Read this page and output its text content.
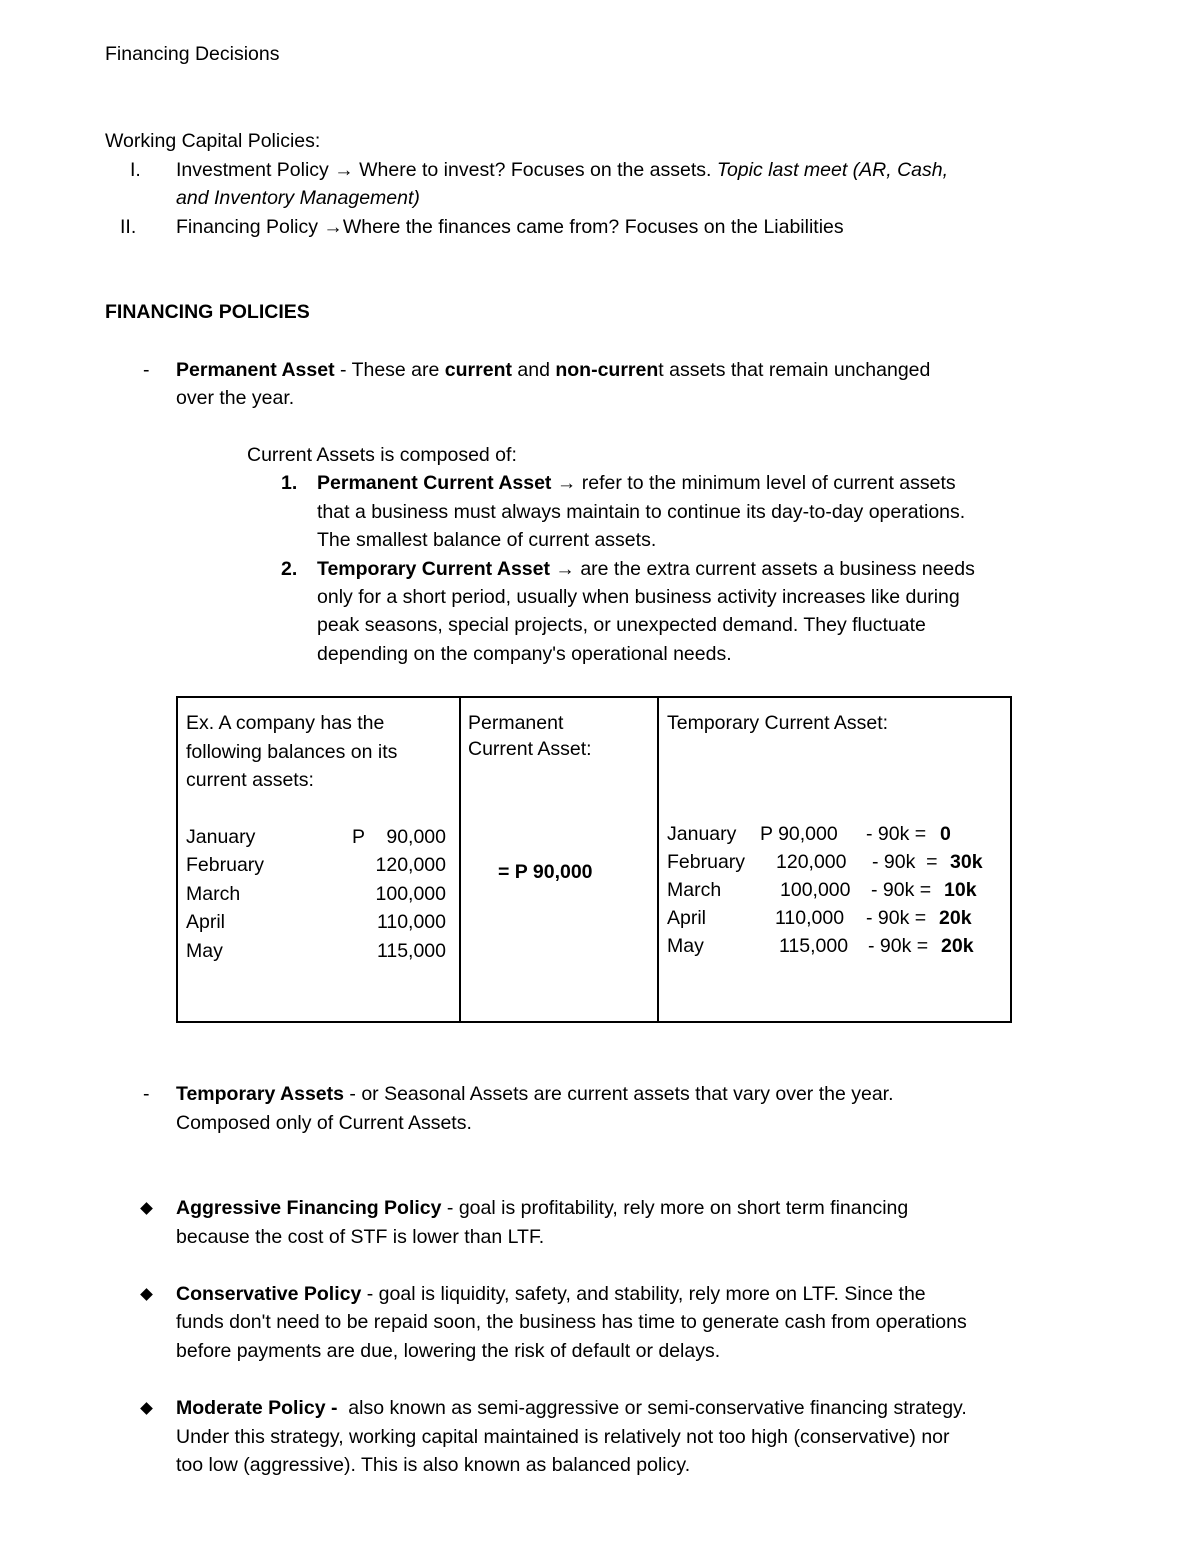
Financing Decisions

Working Capital Policies:

I. Investment Policy → Where to invest? Focuses on the assets. Topic last meet (AR, Cash,

and Inventory Management)

II. Financing Policy →Where the finances came from? Focuses on the Liabilities

FINANCING POLICIES

- Permanent Asset - These are current and non-current assets that remain unchanged

over the year.

Current Assets is composed of:

1. Permanent Current Asset → refer to the minimum level of current assets

that a business must always maintain to continue its day-to-day operations.

The smallest balance of current assets.

2. Temporary Current Asset → are the extra current assets a business needs

only for a short period, usually when business activity increases like during

peak seasons, special projects, or unexpected demand. They fluctuate

depending on the company's operational needs.

Ex. A company has the
following balances on its
current assets:
January	P    90,000
February	120,000
March	100,000
April	110,000
May	115,000
Permanent
Current Asset:
= P 90,000
Temporary Current Asset:
January P 90,000 - 90k = 0
February 120,000 - 90k  = 30k
March	100,000 - 90k = 10k
April	110,000 - 90k = 20k
May	115,000 - 90k = 20k
- Temporary Assets - or Seasonal Assets are current assets that vary over the year.

Composed only of Current Assets.

Aggressive Financing Policy - goal is profitability, rely more on short term financing

because the cost of STF is lower than LTF.

Conservative Policy - goal is liquidity, safety, and stability, rely more on LTF. Since the

funds don't need to be repaid soon, the business has time to generate cash from operations

before payments are due, lowering the risk of default or delays.

Moderate Policy -  also known as semi-aggressive or semi-conservative financing strategy.

Under this strategy, working capital maintained is relatively not too high (conservative) nor

too low (aggressive). This is also known as balanced policy.
